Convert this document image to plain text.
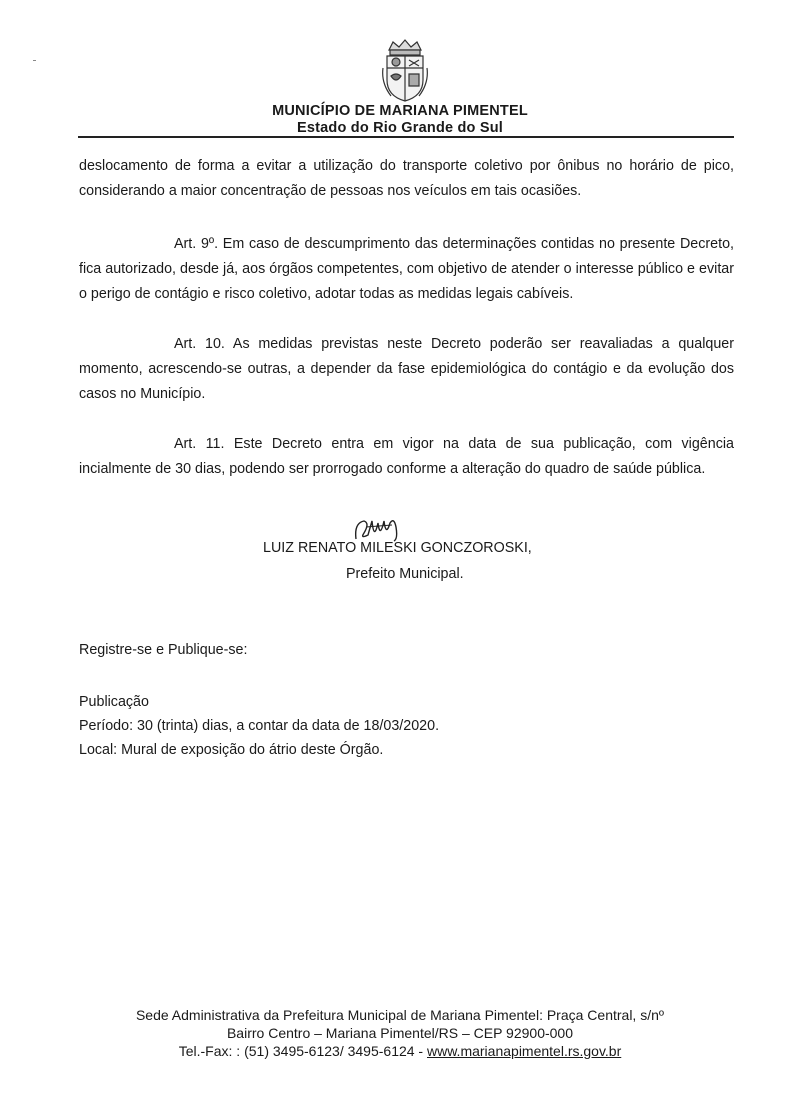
MUNICÍPIO DE MARIANA PIMENTEL
Estado do Rio Grande do Sul

deslocamento de forma a evitar a utilização do transporte coletivo por ônibus no horário de pico, considerando a maior concentração de pessoas nos veículos em tais ocasiões.

Art. 9º. Em caso de descumprimento das determinações contidas no presente Decreto, fica autorizado, desde já, aos órgãos competentes, com objetivo de atender o interesse público e evitar o perigo de contágio e risco coletivo, adotar todas as medidas legais cabíveis.

Art. 10. As medidas previstas neste Decreto poderão ser reavaliadas a qualquer momento, acrescendo-se outras, a depender da fase epidemiológica do contágio e da evolução dos casos no Município.

Art. 11. Este Decreto entra em vigor na data de sua publicação, com vigência incialmente de 30 dias, podendo ser prorrogado conforme a alteração do quadro de saúde pública.

LUIZ RENATO MILESKI GONCZOROSKI,
Prefeito Municipal.
Registre-se e Publique-se:
Publicação
Período: 30 (trinta) dias, a contar da data de 18/03/2020.
Local: Mural de exposição do átrio deste Órgão.
Sede Administrativa da Prefeitura Municipal de Mariana Pimentel: Praça Central, s/nº
Bairro Centro – Mariana Pimentel/RS – CEP 92900-000
Tel.-Fax: : (51) 3495-6123/ 3495-6124 - www.marianapimentel.rs.gov.br
